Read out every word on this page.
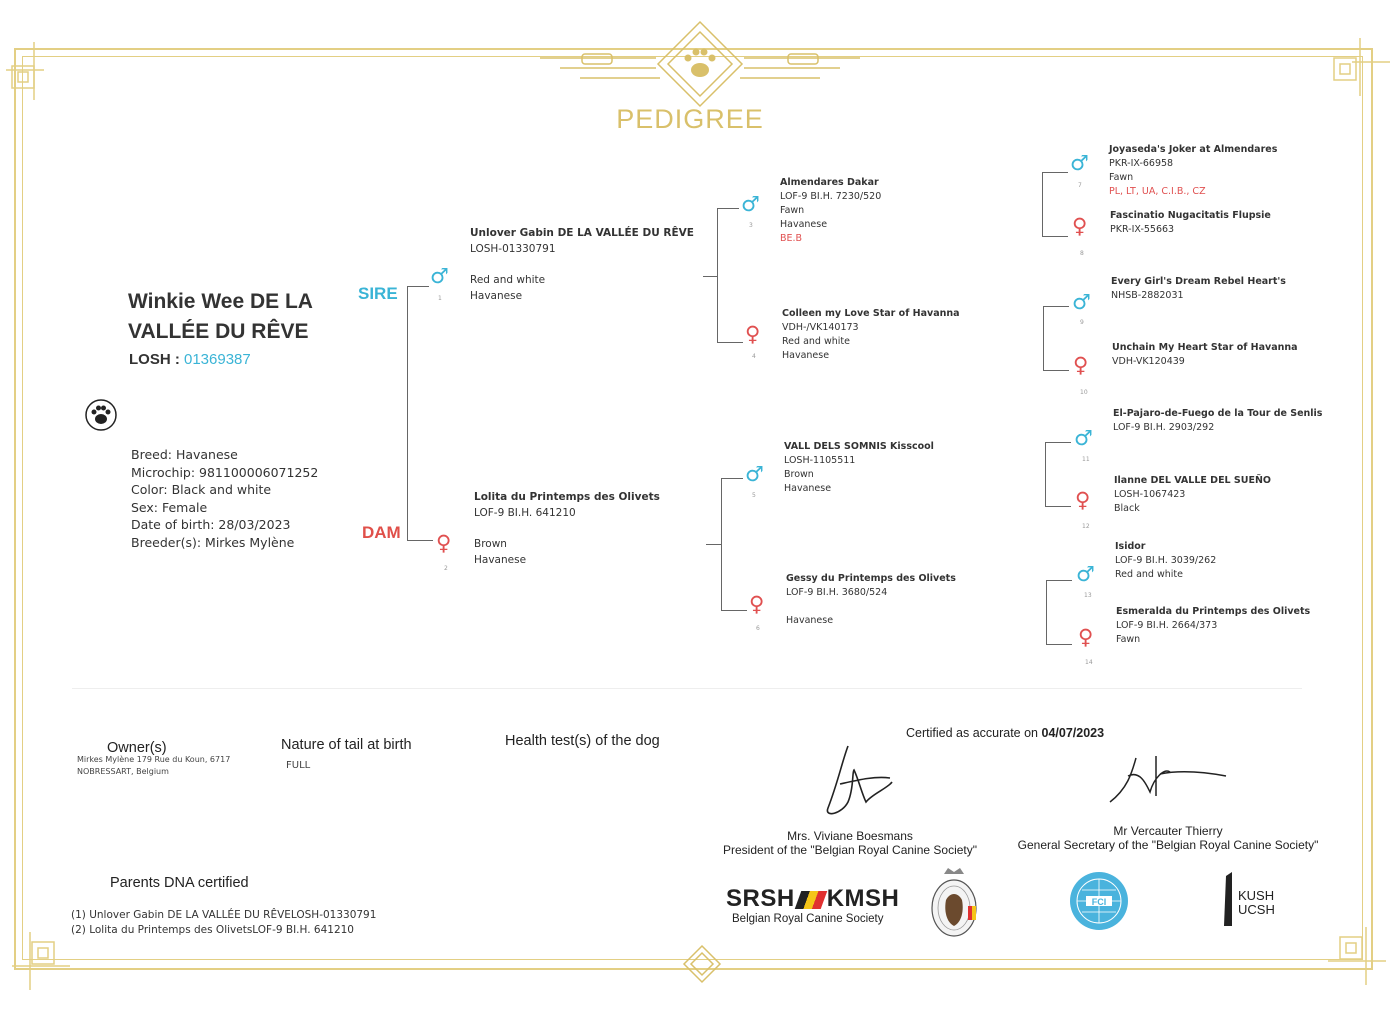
PEDIGREE
Winkie Wee DE LA
VALLÉE DU RÊVE
LOSH : 01369387
Breed: Havanese
Microchip: 981100006071252
Color: Black and white
Sex: Female
Date of birth: 28/03/2023
Breeder(s): Mirkes Mylène
SIRE
DAM
♂
1
♀
2
Unlover Gabin DE LA VALLÉE DU RÊVE
LOSH-01330791
Red and white
Havanese
Lolita du Printemps des Olivets
LOF-9 BI.H. 641210
Brown
Havanese
♂
3
♀
4
♂
5
♀
6
Almendares Dakar
LOF-9 BI.H. 7230/520
Fawn
Havanese
BE.B
Colleen my Love Star of Havanna
VDH-/VK140173
Red and white
Havanese
VALL DELS SOMNIS Kisscool
LOSH-1105511
Brown
Havanese
Gessy du Printemps des Olivets
LOF-9 BI.H. 3680/524
Havanese
♂
7
♀
8
♂
9
♀
10
♂
11
♀
12
♂
13
♀
14
Joyaseda's Joker at Almendares
PKR-IX-66958
Fawn
PL, LT, UA, C.I.B., CZ
Fascinatio Nugacitatis Flupsie
PKR-IX-55663
Every Girl's Dream Rebel Heart's
NHSB-2882031
Unchain My Heart Star of Havanna
VDH-VK120439
El-Pajaro-de-Fuego de la Tour de Senlis
LOF-9 BI.H. 2903/292
Ilanne DEL VALLE DEL SUEÑO
LOSH-1067423
Black
Isidor
LOF-9 BI.H. 3039/262
Red and white
Esmeralda du Printemps des Olivets
LOF-9 BI.H. 2664/373
Fawn
Owner(s)
Mirkes Mylène 179 Rue du Koun, 6717
NOBRESSART, Belgium
Nature of tail at birth
FULL
Health test(s) of the dog	Certified as accurate on 04/07/2023
Mrs. Viviane Boesmans
President of the "Belgian Royal Canine Society"
Mr Vercauter Thierry
General Secretary of the "Belgian Royal Canine Society"
Parents DNA certified
(1) Unlover Gabin DE LA VALLÉE DU RÊVELOSH-01330791
(2) Lolita du Printemps des OlivetsLOF-9 BI.H. 641210
SRSH KMSH
Belgian Royal Canine Society
FCI	KUSH
UCSH
